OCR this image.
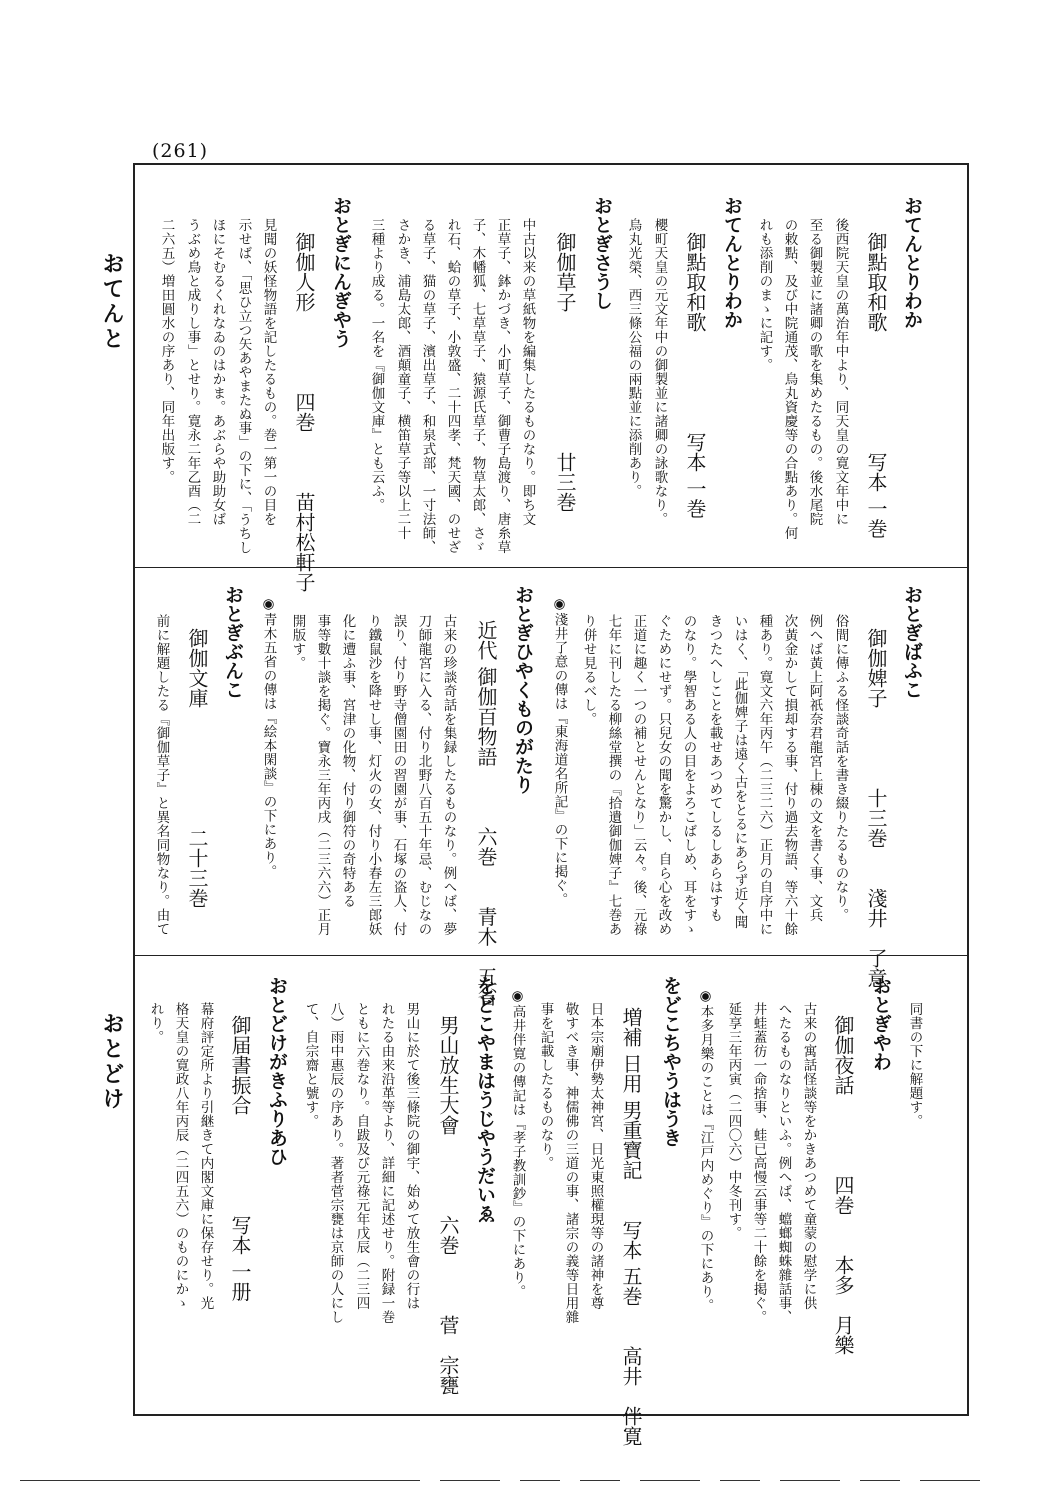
(261)
おてんと
おとどけ
おてんとりわか
御點取和歌　　　　　　写本 一巻
後西院天皇の萬治年中より、同天皇の寛文年中に
至る御製並に諸卿の歌を集めたるもの。後水尾院
の敕點、及び中院通茂、烏丸資慶等の合點あり。何
れも添削のまゝに記す。
おてんとりわか
御點取和歌　　　　　写本 一巻
櫻町天皇の元文年中の御製並に諸卿の詠歌なり。
烏丸光榮、西三條公福の兩點並に添削あり。
おとぎさうし
御伽草子　　　　　　　廿三巻
中古以来の草紙物を編集したるものなり。即ち文
正草子、鉢かづき、小町草子、御曹子島渡り、唐糸草
子、木幡狐、七草草子、猿源氏草子、物草太郎、さゞ
れ石、蛤の草子、小敦盛、二十四孝、梵天國、のせざ
る草子、猫の草子、濱出草子、和泉式部、一寸法師、
さかき、浦島太郎、酒顛童子、横笛草子等以上二十
三種より成る。一名を『御伽文庫』とも云ふ。
おとぎにんぎやう
御伽人形　　　　四巻　　　苗村松軒子
見聞の妖怪物語を記したるもの。巻一第一の目を
示せば、「思ひ立つ矢あやまたぬ事」の下に、「うちし
ほにそむるくれなゐのはかま。あぶらや助助女ば
うぶめ鳥と成りし事」とせり。寛永二年乙酉（二
二六五）増田圓水の序あり、同年出版す。
おとぎばふこ
御伽婢子　　　　十三巻　　淺井　了意
俗間に傳ふる怪談奇話を書き綴りたるものなり。
例へば黃上阿祇奈君龍宮上棟の文を書く事、文兵
次黃金かして損却する事、付り過去物語、等六十餘
種あり。寛文六年丙午（二三二六）正月の自序中に
いはく、「此伽婢子は遠く古をとるにあらず近く聞
きつたへしことを載せあつめてしるしあらはすも
のなり。學智ある人の目をよろこばしめ、耳をすゝ
ぐためにせず。只兒女の聞を驚かし、自ら心を改め
正道に趣く一つの補とせんとなり」云々。後、元祿
七年に刊したる柳絲堂撰の『拾遺御伽婢子』七巻あ
り併せ見るべし。
◉淺井了意の傳は『東海道名所記』の下に掲ぐ。
おとぎひやくものがたり
近代 御伽百物語　　　六巻　　青木　五省
古来の珍談奇話を集録したるものなり。例へば、夢
刀師龍宮に入る、付り北野八百五十年忌、むじなの
誤り、付り野寺僧園田の習園が事、石塚の盗人、付
り鐵鼠沙を降せし事、灯火の女、付り小春左三郎妖
化に遭ふ事、宮津の化物、付り御符の奇特ある
事等數十談を掲ぐ。寶永三年丙戌（二三六六）正月
開版す。
◉青木五省の傳は『絵本閑談』の下にあり。
おとぎぶんこ
御伽文庫　　　　　　二十三巻
前に解題したる『御伽草子』と異名同物なり。由て
同書の下に解題す。
おとぎやわ
御伽夜話　　　　四巻　　本多　月樂
古来の寓話怪談等をかきあつめて童蒙の慰学に供
へたるものなりといふ。例へば、蟷螂蜘蛛雜話事、
井蛙蓋彷一命捨事、蛙已高慢云事等二十餘を掲ぐ。
延享三年丙寅（二四〇六）中冬刊す。
◉本多月樂のことは『江戸内めぐり』の下にあり。
をどこちやうはうき
増補 日用 男重寶記　　写本 五巻　　高井　伴寛
日本宗廟伊勢太神宮、日光東照權現等の諸神を尊
敬すべき事、神儒佛の三道の事、諸宗の義等日用雜
事を記載したるものなり。
◉高井伴寛の傳記は『孝子教訓鈔』の下にあり。
をどこやまはうじやうだいゑ
男山放生大會　　　　六巻　　　菅　宗甕
男山に於て後三條院の御宇、始めて放生會の行は
れたる由来沿革等より、詳細に記述せり。附録一巻
ともに六巻なり。自跋及び元祿元年戊辰（二三四
八）雨中惠辰の序あり。著者菅宗甕は京師の人にし
て、自宗齋と號す。
おとどけがきふりあひ
御届書振合　　　　　写本 一册
幕府評定所より引継きて内閣文庫に保存せり。光
格天皇の寛政八年丙辰（二四五六）のものにかゝ
れり。
